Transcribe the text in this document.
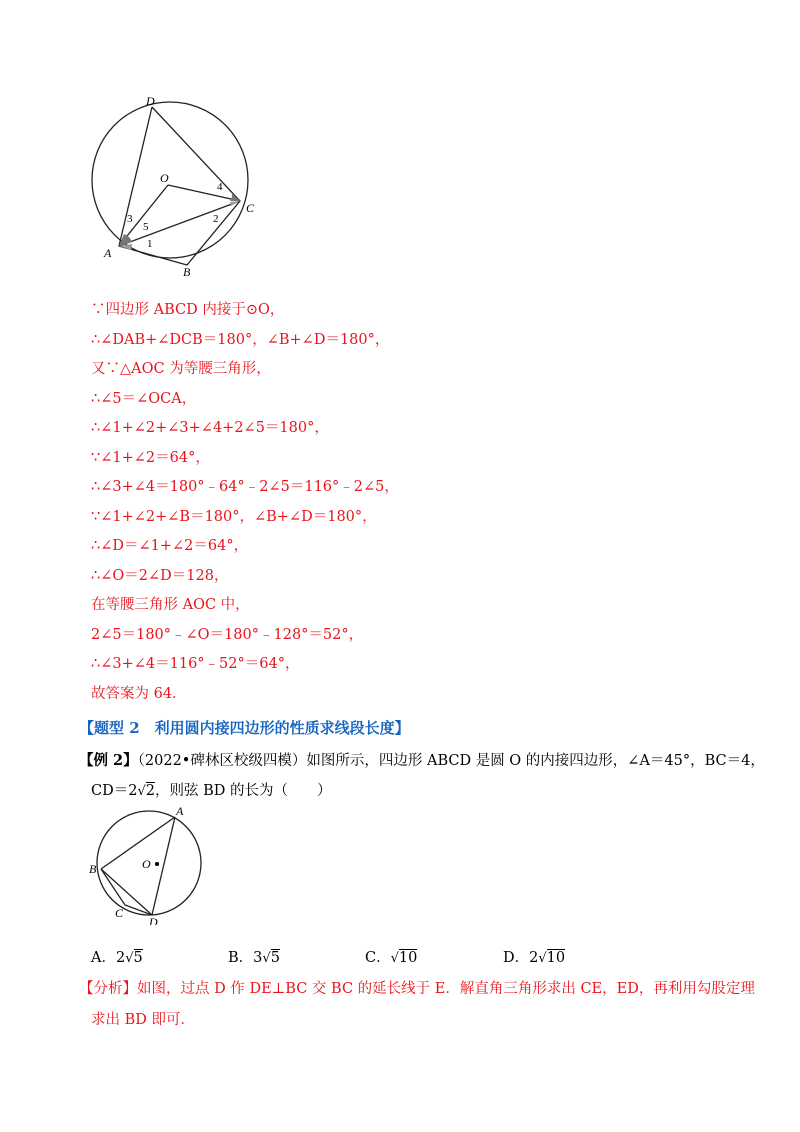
D
O
C
A
B
1
2
3
4
5
∵四边形 ABCD 内接于⊙O，
∴∠DAB+∠DCB＝180°，∠B+∠D＝180°，
又∵△AOC 为等腰三角形，
∴∠5＝∠OCA，
∴∠1+∠2+∠3+∠4+2∠5＝180°，
∵∠1+∠2＝64°，
∴∠3+∠4＝180°﹣64°﹣2∠5＝116°﹣2∠5，
∵∠1+∠2+∠B＝180°，∠B+∠D＝180°，
∴∠D＝∠1+∠2＝64°，
∴∠O＝2∠D＝128，
在等腰三角形 AOC 中，
2∠5＝180°﹣∠O＝180°﹣128°＝52°，
∴∠3+∠4＝116°﹣52°＝64°，
故答案为 64．
【题型 2　利用圆内接四边形的性质求线段长度】
【例 2】（2022•碑林区校级四模）如图所示，四边形 ABCD 是圆 O 的内接四边形，∠A＝45°，BC＝4，
CD＝2√2，则弦 BD 的长为（　　）
A
B	O
C
D
A．2√5	B．3√5	C．√10	D．2√10
【分析】如图，过点 D 作 DE⊥BC 交 BC 的延长线于 E．解直角三角形求出 CE，ED，再利用勾股定理
求出 BD 即可．
